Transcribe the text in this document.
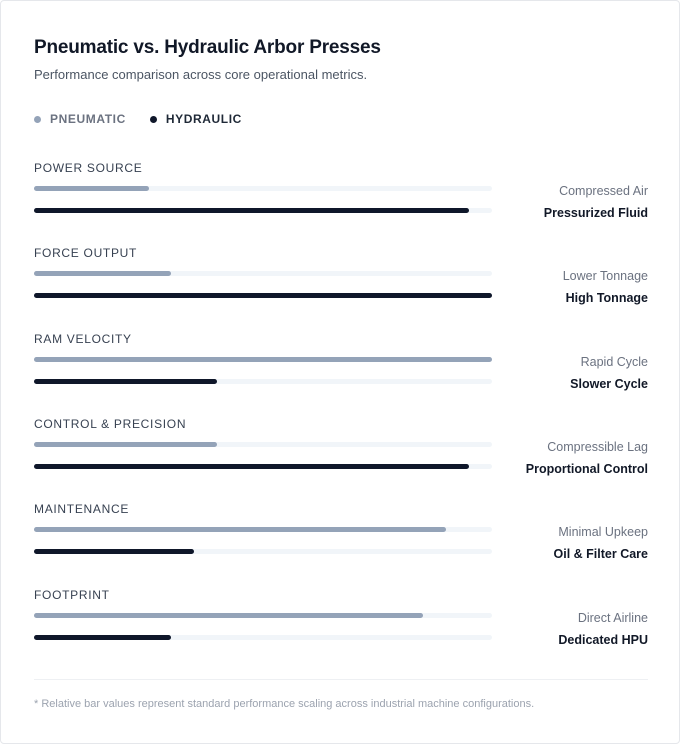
Pneumatic vs. Hydraulic Arbor Presses

Performance comparison across core operational metrics.

PNEUMATIC	HYDRAULIC
POWER SOURCE
Compressed Air
Pressurized Fluid
FORCE OUTPUT
Lower Tonnage
High Tonnage
RAM VELOCITY
Rapid Cycle
Slower Cycle
CONTROL & PRECISION
Compressible Lag
Proportional Control
MAINTENANCE
Minimal Upkeep
Oil & Filter Care
FOOTPRINT
Direct Airline
Dedicated HPU
* Relative bar values represent standard performance scaling across industrial machine configurations.
